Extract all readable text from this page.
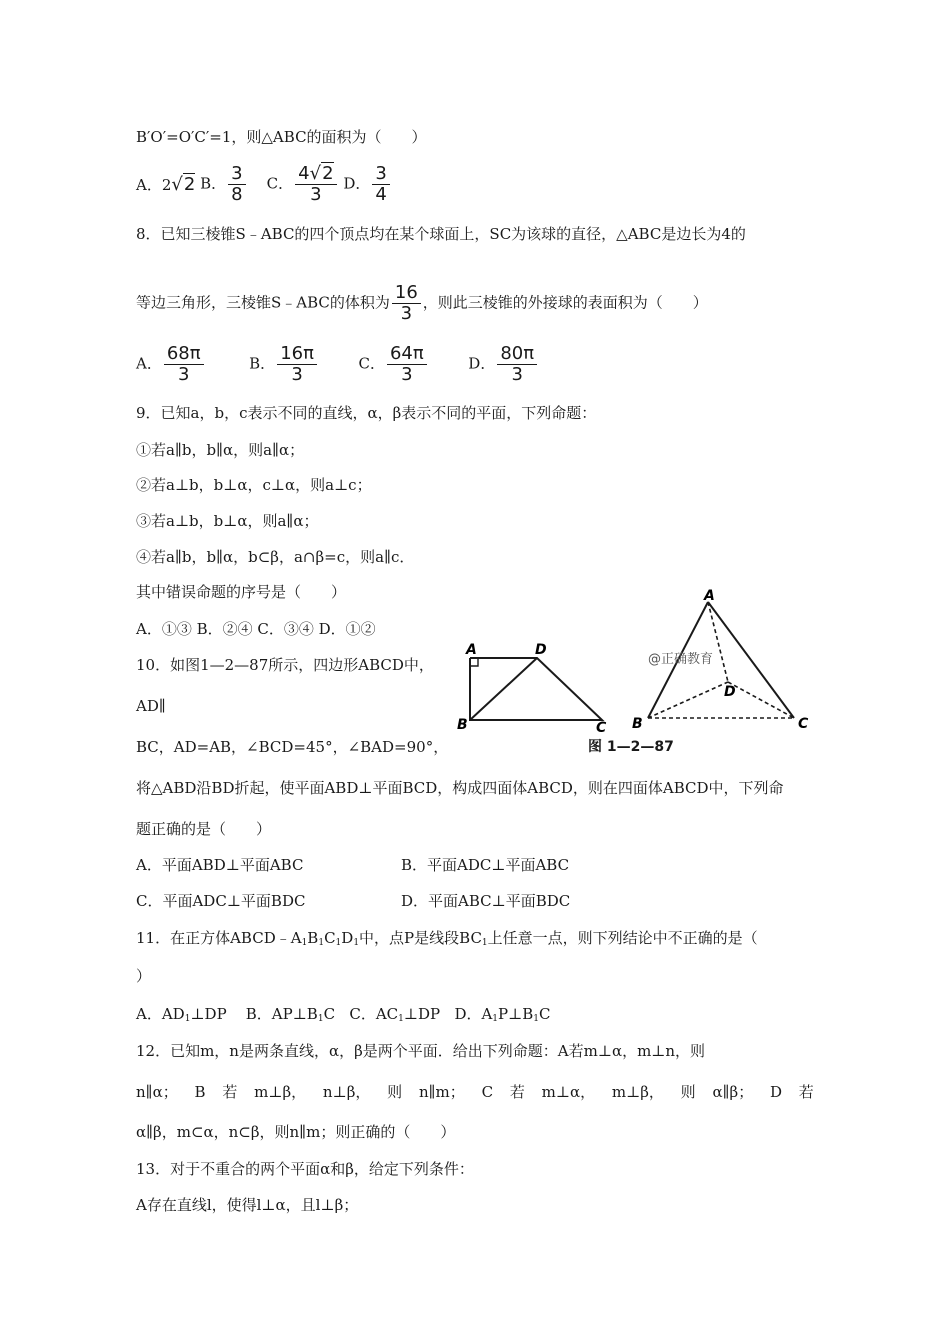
B′O′=O′C′=1，则△ABC的面积为（　　）
A．2√2 B． $\frac{3}{8}$ C． $\frac{4√2}{3}$ D． $\frac{3}{4}$
8．已知三棱锥S﹣ABC的四个顶点均在某个球面上，SC为该球的直径，△ABC是边长为4的
等边三角形，三棱锥S﹣ABC的体积为 $\frac{16}{3}$ ，则此三棱锥的外接球的表面积为（　　）
A． $\frac{68\pi}{3}$	B． $\frac{16\pi}{3}$	C． $\frac{64\pi}{3}$	D． $\frac{80\pi}{3}$
9．已知a，b，c表示不同的直线，α，β表示不同的平面，下列命题：
①若a∥b，b∥α，则a∥α；
②若a⊥b，b⊥α，c⊥α，则a⊥c；
③若a⊥b，b⊥α，则a∥α；
④若a∥b，b∥α，b⊂β，a∩β=c，则a∥c．
其中错误命题的序号是（　　）
A．①③ B．②④ C．③④ D．①②
10．如图1—2—87所示，四边形ABCD中，
AD∥
BC，AD=AB，∠BCD=45°，∠BAD=90°，
A	D
B	C
A
D
B	C
@正确教育
图 1—2—87
将△ABD沿BD折起，使平面ABD⊥平面BCD，构成四面体ABCD，则在四面体ABCD中，下列命
题正确的是（　　）
A．平面ABD⊥平面ABC	B．平面ADC⊥平面ABC
C．平面ADC⊥平面BDC	D．平面ABC⊥平面BDC
11．在正方体$ABCD﹣A_1B_1C_1D_1$中，点P是线段$BC_1$上任意一点，则下列结论中不正确的是（
）
A．$AD_1\perp DP$ B．$AP\perp B_1C$ C．$AC_1\perp DP$ D．$A_1P\perp B_1C$
12．已知m，n是两条直线，α，β是两个平面．给出下列命题：A若m⊥α，m⊥n，则
n∥α； B 若 m⊥β， n⊥β， 则 n∥m； C 若 m⊥α， m⊥β， 则 α∥β； D 若
α∥β，m⊂α，n⊂β，则n∥m；则正确的（　　）
13．对于不重合的两个平面α和β，给定下列条件：
A存在直线l，使得l⊥α，且l⊥β；
